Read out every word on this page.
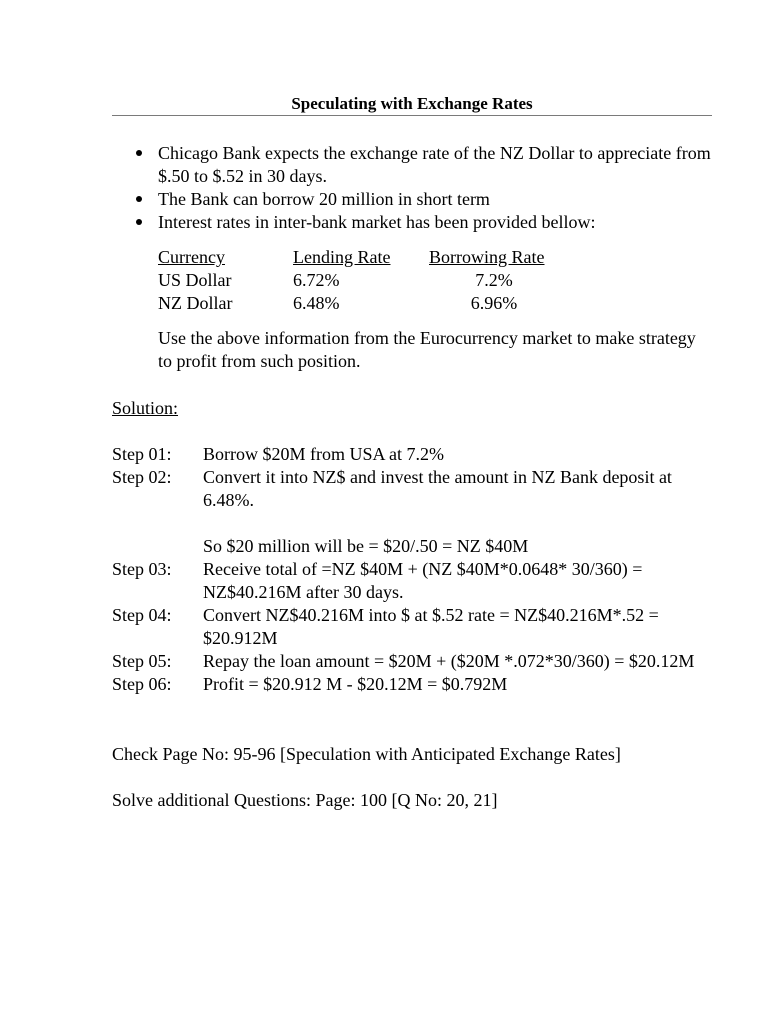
Speculating with Exchange Rates
Chicago Bank expects the exchange rate of the NZ Dollar to appreciate from $.50 to $.52 in 30 days.
The Bank can borrow 20 million in short term
Interest rates in inter-bank market has been provided bellow:
Currency	Lending Rate	Borrowing Rate
US Dollar	6.72%	7.2%
NZ Dollar	6.48%	6.96%
Use the above information from the Eurocurrency market to make strategy to profit from such position.
Solution:
Step 01:	Borrow $20M from USA at 7.2%
Step 02:	Convert it into NZ$ and invest the amount in NZ Bank deposit at 6.48%.
So $20 million will be = $20/.50 = NZ $40M
Step 03:	Receive total of =NZ $40M + (NZ $40M*0.0648* 30/360) = NZ$40.216M after 30 days.
Step 04:	Convert NZ$40.216M into $ at $.52 rate = NZ$40.216M*.52 = $20.912M
Step 05:	Repay the loan amount = $20M + ($20M *.072*30/360) = $20.12M
Step 06:	Profit = $20.912 M - $20.12M = $0.792M
Check Page No: 95-96 [Speculation with Anticipated Exchange Rates]
Solve additional Questions: Page: 100 [Q No: 20, 21]
